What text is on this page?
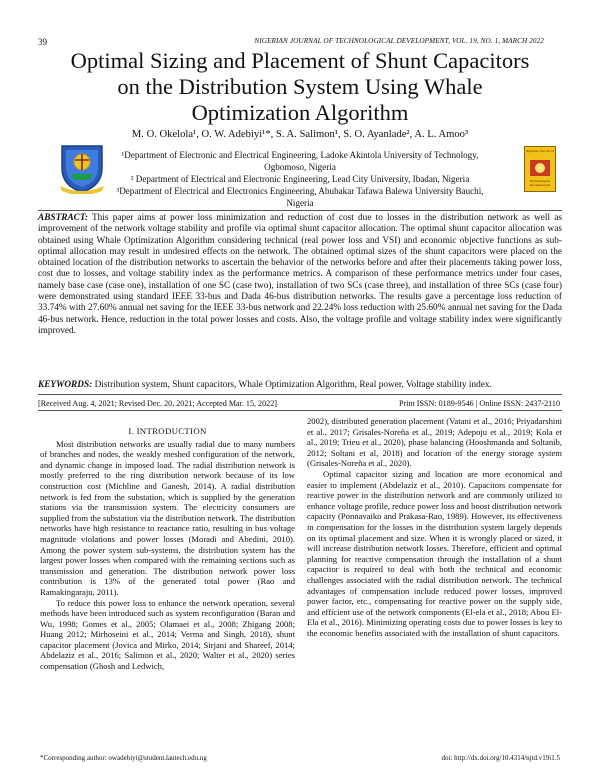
39	NIGERIAN JOURNAL OF TECHNOLOGICAL DEVELOPMENT, VOL. 19, NO. 1, MARCH 2022
Optimal Sizing and Placement of Shunt Capacitors on the Distribution System Using Whale Optimization Algorithm
M. O. Okelola¹, O. W. Adebiyi¹*, S. A. Salimon¹, S. O. Ayanlade², A. L. Amoo³
Nigerian Journal of
Technological Development
¹Department of Electronic and Electrical Engineering, Ladoke Akintola University of Technology, Ogbomoso, Nigeria
² Department of Electrical and Electronic Engineering, Lead City University, Ibadan, Nigeria
³Department of Electrical and Electronics Engineering, Abubakar Tafawa Balewa University Bauchi, Nigeria
ABSTRACT: This paper aims at power loss minimization and reduction of cost due to losses in the distribution network as well as improvement of the network voltage stability and profile via optimal shunt capacitor allocation. The optimal shunt capacitor allocation was obtained using Whale Optimization Algorithm considering technical (real power loss and VSI) and economic objective functions as sub-optimal allocation may result in undesired effects on the network. The obtained optimal sizes of the shunt capacitors were placed on the obtained location of the distribution networks to ascertain the behavior of the networks before and after their placements taking power loss, cost due to losses, and voltage stability index as the performance metrics. A comparison of these performance metrics under four cases, namely base case (case one), installation of one SC (case two), installation of two SCs (case three), and installation of three SCs (case four) were demonstrated using standard IEEE 33-bus and Dada 46-bus distribution networks. The results gave a percentage loss reduction of 33.74% with 27.60% annual net saving for the IEEE 33-bus network and 22.24% loss reduction with 25.60% annual net saving for the Dada 46-bus network. Hence, reduction in the total power losses and costs. Also, the voltage profile and voltage stability index were significantly improved.
KEYWORDS: Distribution system, Shunt capacitors, Whale Optimization Algorithm, Real power, Voltage stability index.
[Received Aug. 4, 2021; Revised Dec. 20, 2021; Accepted Mar. 15, 2022]	Print ISSN: 0189-9546 | Online ISSN: 2437-2110
I. INTRODUCTION

Most distribution networks are usually radial due to many numbers of branches and nodes, the weakly meshed configuration of the network, and dynamic change in imposed load. The radial distribution network is mostly preferred to the ring distribution network because of its low construction cost (Michline and Ganesh, 2014). A radial distribution network is fed from the substation, which is supplied by the generation stations via the transmission system. The electricity consumers are supplied from the substation via the distribution network. The distribution networks have high resistance to reactance ratio, resulting in bus voltage magnitude violations and power losses (Moradi and Abedini, 2010). Among the power system sub-systems, the distribution system has the largest power losses when compared with the remaining sections such as transmission and generation. The distribution network power loss contribution is 13% of the generated total power (Rao and Ramakingaraju, 2011).

To reduce this power loss to enhance the network operation, several methods have been introduced such as system reconfiguration (Baran and Wu, 1998; Gomes et al., 2005; Olamaei et al., 2008; Zhigang 2008; Huang 2012; Mirhoseini et al., 2014; Verma and Singh, 2018), shunt capacitor placement (Jovica and Mirko, 2014; Sirjani and Shareef, 2014; Abdelaziz et al., 2016; Salimon et al., 2020; Walter et al., 2020) series compensation (Ghosh and Ledwich,

2002), distributed generation placement (Vatani et al., 2016; Priyadarshini et al., 2017; Grisales-Noreña et al., 2019; Adepoju et al., 2019; Kola et al., 2019; Trieu et al., 2020), phase balancing (Hooshmanda and Soltanib, 2012; Soltani et al, 2018) and location of the energy storage system (Grisales-Noreña et al., 2020).

Optimal capacitor sizing and location are more economical and easier to implement (Abdelaziz et al., 2010). Capacitors compensate for reactive power in the distribution network and are commonly utilized to enhance voltage profile, reduce power loss and boost distribution network capacity (Ponnavaiko and Prakasa-Rao, 1989). However, its effectiveness in compensation for the losses in the distribution system largely depends on its optimal placement and size. When it is wrongly placed or sized, it will increase distribution network losses. Therefore, efficient and optimal planning for reactive compensation through the installation of a shunt capacitor is required to deal with both the technical and economic challenges associated with the radial distribution network. The technical advantages of compensation include reduced power losses, improved power factor, etc., compensating for reactive power on the supply side, and efficient use of the network components (El-ela et al., 2018; Abou El-Ela et al., 2016). Minimizing operating costs due to power losses is key to the economic benefits associated with the installation of shunt capacitors.

*Corresponding author: owadebiyi@student.lautech.edu.ng	doi: http://dx.doi.org/10.4314/njtd.v19i1.5
